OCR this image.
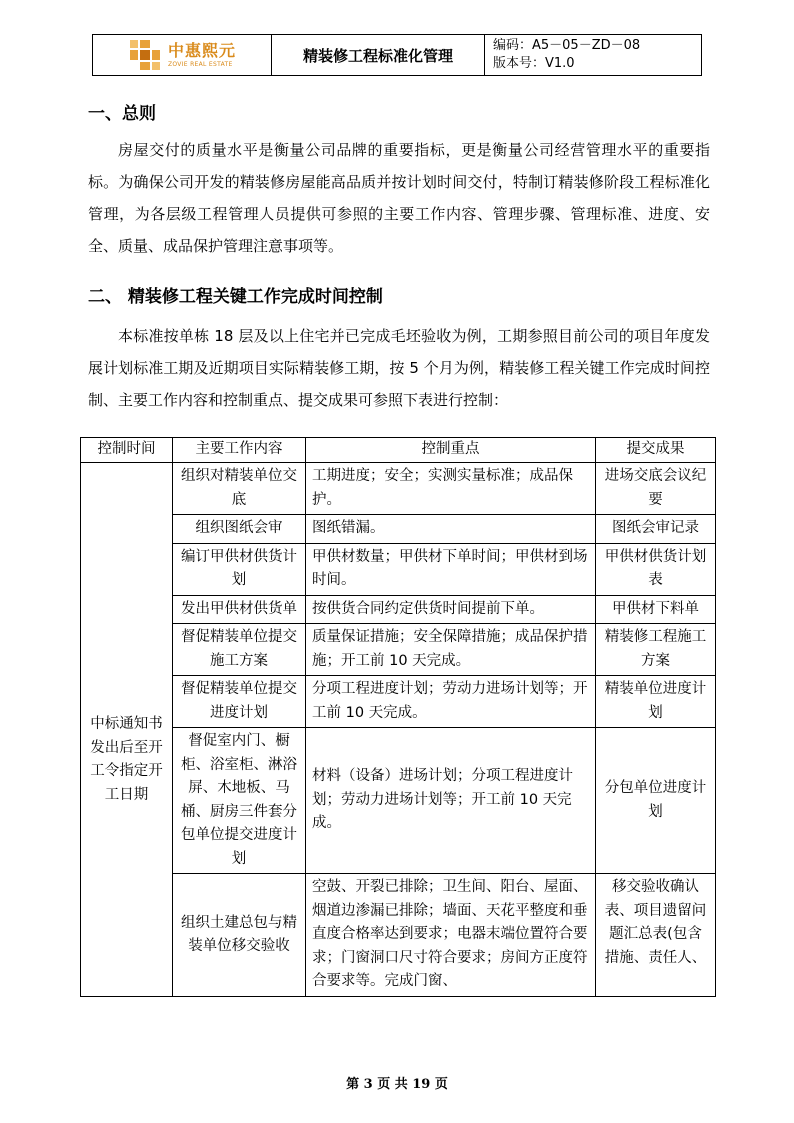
中惠熙元
ZOVIE REAL ESTATE	精装修工程标准化管理
编码：A5－05－ZD－08
版本号：V1.0
一、总则
房屋交付的质量水平是衡量公司品牌的重要指标，更是衡量公司经营管理水平的重要指标。为确保公司开发的精装修房屋能高品质并按计划时间交付，特制订精装修阶段工程标准化管理，为各层级工程管理人员提供可参照的主要工作内容、管理步骤、管理标准、进度、安全、质量、成品保护管理注意事项等。
二、 精装修工程关键工作完成时间控制
本标准按单栋 18 层及以上住宅并已完成毛坯验收为例，工期参照目前公司的项目年度发展计划标准工期及近期项目实际精装修工期，按 5 个月为例，精装修工程关键工作完成时间控制、主要工作内容和控制重点、提交成果可参照下表进行控制：
控制时间	主要工作内容	控制重点	提交成果
中标通知书发出后至开工令指定开工日期	组织对精装单位交底	工期进度；安全；实测实量标准；成品保护。	进场交底会议纪要
	组织图纸会审	图纸错漏。	图纸会审记录
	编订甲供材供货计划	甲供材数量；甲供材下单时间；甲供材到场时间。	甲供材供货计划表
	发出甲供材供货单	按供货合同约定供货时间提前下单。	甲供材下料单
	督促精装单位提交施工方案	质量保证措施；安全保障措施；成品保护措施；开工前 10 天完成。	精装修工程施工方案
	督促精装单位提交进度计划	分项工程进度计划；劳动力进场计划等；开工前 10 天完成。	精装单位进度计划
	督促室内门、橱柜、浴室柜、淋浴屏、木地板、马桶、厨房三件套分包单位提交进度计划	材料（设备）进场计划；分项工程进度计划；劳动力进场计划等；开工前 10 天完成。	分包单位进度计划
	组织土建总包与精装单位移交验收	空鼓、开裂已排除；卫生间、阳台、屋面、烟道边渗漏已排除；墙面、天花平整度和垂直度合格率达到要求；电器末端位置符合要求；门窗洞口尺寸符合要求；房间方正度符合要求等。完成门窗、	移交验收确认表、项目遗留问题汇总表(包含措施、责任人、
第 3 页 共 19 页
